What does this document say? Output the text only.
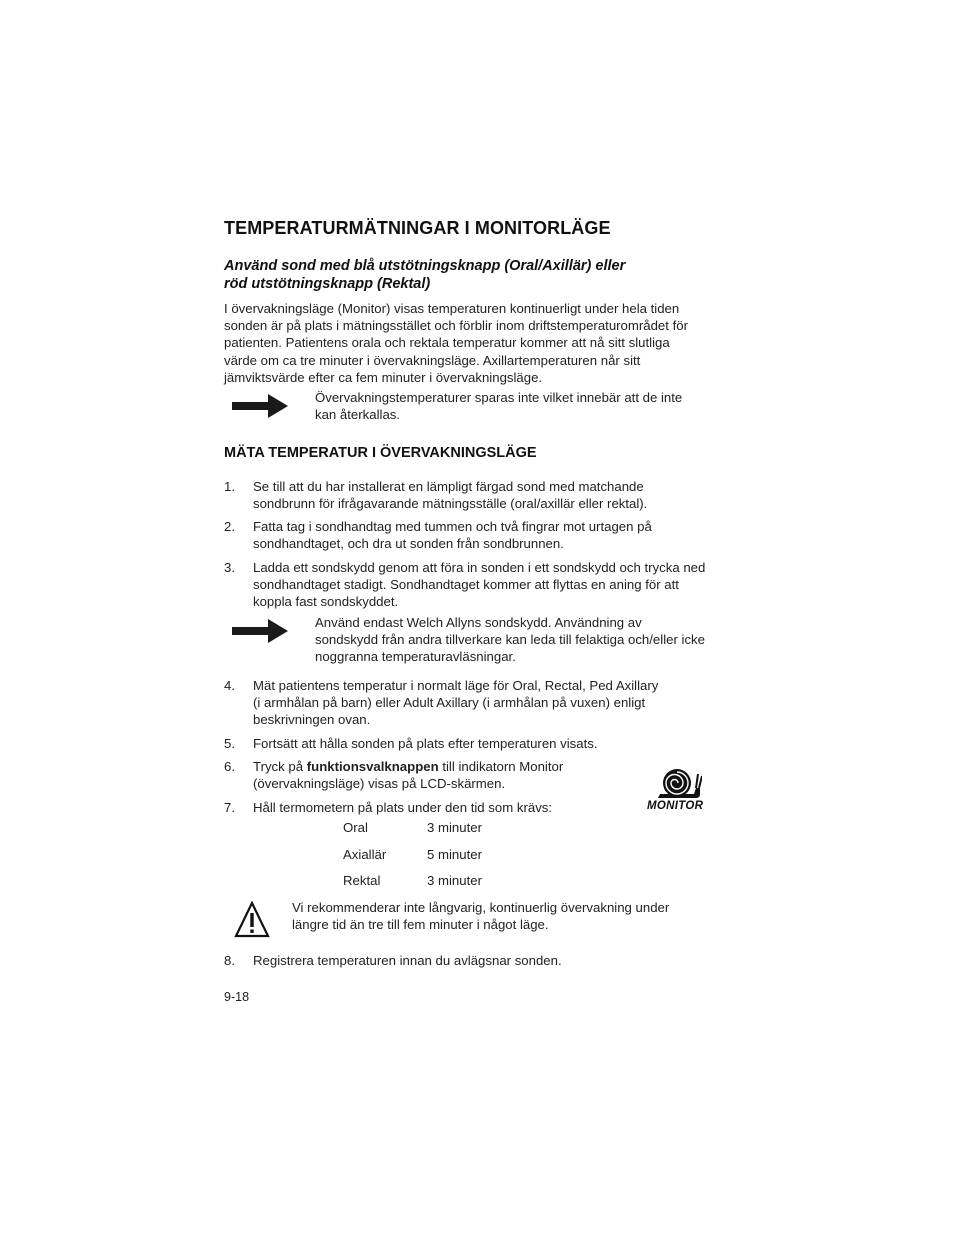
TEMPERATURMÄTNINGAR I MONITORLÄGE
Använd sond med blå utstötningsknapp (Oral/Axillär) eller
röd utstötningsknapp (Rektal)
I övervakningsläge (Monitor) visas temperaturen kontinuerligt under hela tiden
sonden är på plats i mätningsstället och förblir inom driftstemperaturområdet för
patienten. Patientens orala och rektala temperatur kommer att nå sitt slutliga
värde om ca tre minuter i övervakningsläge. Axillartemperaturen når sitt
jämviktsvärde efter ca fem minuter i övervakningsläge.
Övervakningstemperaturer sparas inte vilket innebär att de inte
kan återkallas.
MÄTA TEMPERATUR I ÖVERVAKNINGSLÄGE
1. Se till att du har installerat en lämpligt färgad sond med matchande
sondbrunn för ifrågavarande mätningsställe (oral/axillär eller rektal).
2. Fatta tag i sondhandtag med tummen och två fingrar mot urtagen på
sondhandtaget, och dra ut sonden från sondbrunnen.
3. Ladda ett sondskydd genom att föra in sonden i ett sondskydd och trycka ned
sondhandtaget stadigt. Sondhandtaget kommer att flyttas en aning för att
koppla fast sondskyddet.
Använd endast Welch Allyns sondskydd. Användning av
sondskydd från andra tillverkare kan leda till felaktiga och/eller icke
noggranna temperaturavläsningar.
4. Mät patientens temperatur i normalt läge för Oral, Rectal, Ped Axillary
(i armhålan på barn) eller Adult Axillary (i armhålan på vuxen) enligt
beskrivningen ovan.
5. Fortsätt att hålla sonden på plats efter temperaturen visats.
6. Tryck på funktionsvalknappen till indikatorn Monitor
(övervakningsläge) visas på LCD-skärmen.
MONITOR
7. Håll termometern på plats under den tid som krävs:
Oral	3 minuter
Axiallär	5 minuter
Rektal	3 minuter
Vi rekommenderar inte långvarig, kontinuerlig övervakning under
längre tid än tre till fem minuter i något läge.
8. Registrera temperaturen innan du avlägsnar sonden.
9-18
